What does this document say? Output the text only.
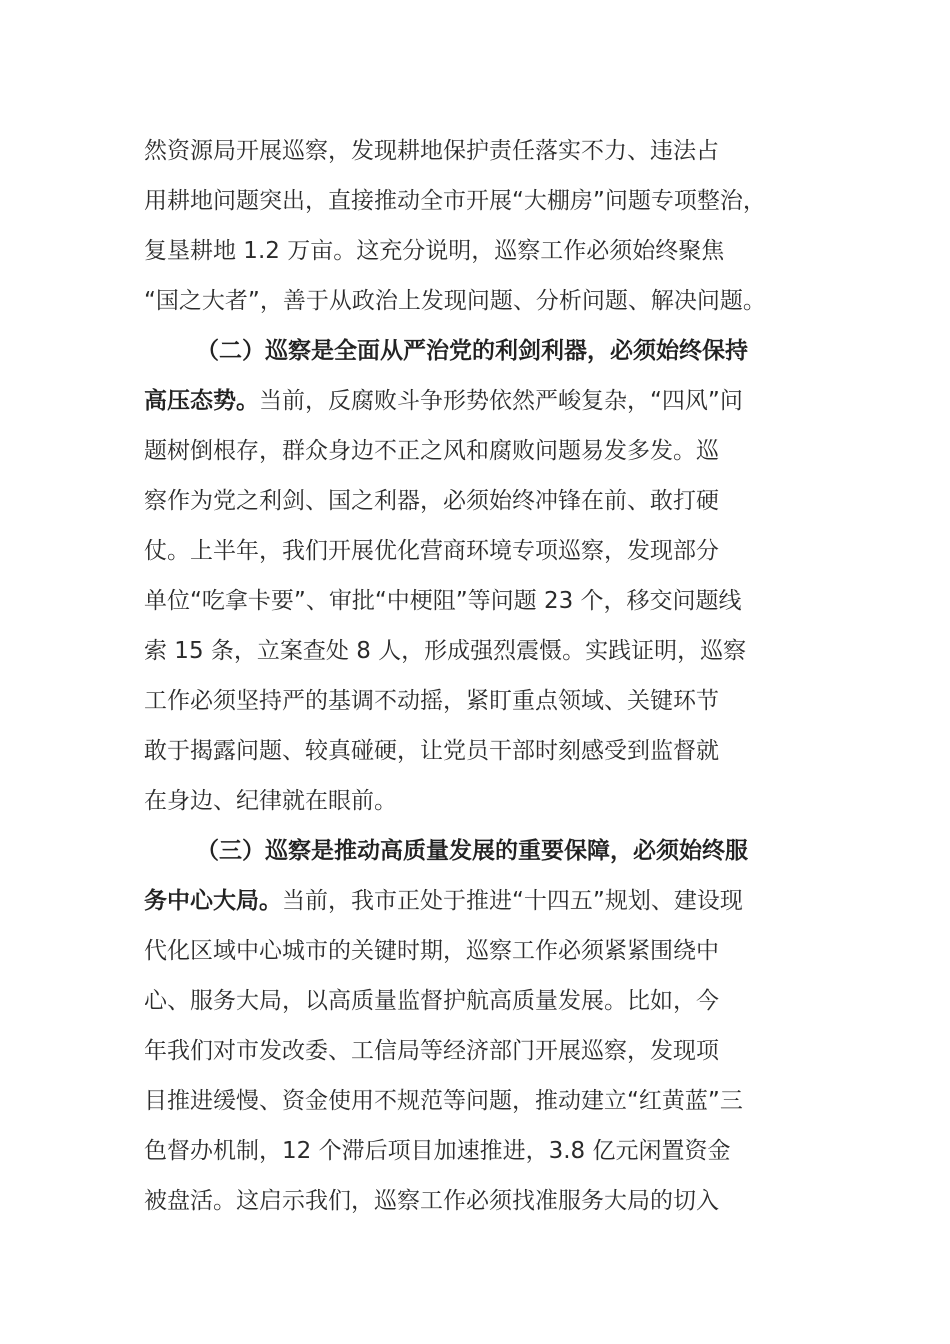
然资源局开展巡察，发现耕地保护责任落实不力、违法占
用耕地问题突出，直接推动全市开展“大棚房”问题专项整治，
复垦耕地 1.2 万亩。这充分说明，巡察工作必须始终聚焦
“国之大者”，善于从政治上发现问题、分析问题、解决问题。
（二）巡察是全面从严治党的利剑利器，必须始终保持
高压态势。 当前，反腐败斗争形势依然严峻复杂，“四风”问
题树倒根存，群众身边不正之风和腐败问题易发多发。巡
察作为党之利剑、国之利器，必须始终冲锋在前、敢打硬
仗。上半年，我们开展优化营商环境专项巡察，发现部分
单位“吃拿卡要”、审批“中梗阻”等问题 23 个，移交问题线
索 15 条，立案查处 8 人，形成强烈震慑。实践证明，巡察
工作必须坚持严的基调不动摇，紧盯重点领域、关键环节
敢于揭露问题、较真碰硬，让党员干部时刻感受到监督就
在身边、纪律就在眼前。
（三）巡察是推动高质量发展的重要保障，必须始终服
务中心大局。 当前，我市正处于推进“十四五”规划、建设现
代化区域中心城市的关键时期，巡察工作必须紧紧围绕中
心、服务大局，以高质量监督护航高质量发展。比如，今
年我们对市发改委、工信局等经济部门开展巡察，发现项
目推进缓慢、资金使用不规范等问题，推动建立“红黄蓝”三
色督办机制，12 个滞后项目加速推进，3.8 亿元闲置资金
被盘活。这启示我们，巡察工作必须找准服务大局的切入
